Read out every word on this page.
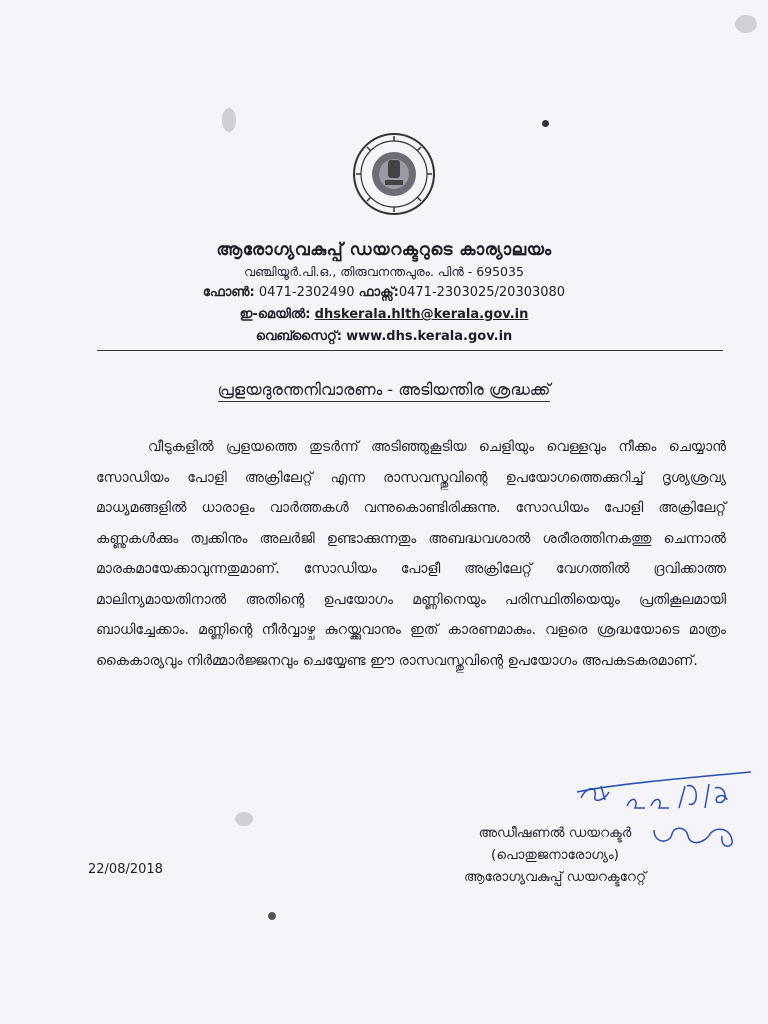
ആരോഗ്യവകുപ്പ് ഡയറക്ടറുടെ കാര്യാലയം

വഞ്ചിയൂർ.പി.ഒ., തിരുവനന്തപുരം. പിൻ - 695035

ഫോൺ: 0471-2302490 ഫാക്സ്:0471-2303025/20303080

ഇ-മെയിൽ: dhskerala.hlth@kerala.gov.in

വെബ്സൈറ്റ്: www.dhs.kerala.gov.in

പ്രളയദുരന്തനിവാരണം - അടിയന്തിര ശ്രദ്ധക്ക്

വീടുകളിൽ പ്രളയത്തെ തുടർന്ന് അടിഞ്ഞുകൂടിയ ചെളിയും വെള്ളവും നീക്കം ചെയ്യാൻ സോഡിയം പോളി അക്രിലേറ്റ് എന്ന രാസവസ്തുവിന്റെ ഉപയോഗത്തെക്കുറിച്ച് ദൃശ്യശ്രവ്യ മാധ്യമങ്ങളിൽ ധാരാളം വാർത്തകൾ വന്നുകൊണ്ടിരിക്കുന്നു. സോഡിയം പോളി അക്രിലേറ്റ് കണ്ണുകൾക്കും ത്വക്കിനും അലർജി ഉണ്ടാക്കുന്നതും അബദ്ധവശാൽ ശരീരത്തിനകത്തു ചെന്നാൽ മാരകമായേക്കാവുന്നതുമാണ്. സോഡിയം പോളീ അക്രിലേറ്റ് വേഗത്തിൽ ദ്രവിക്കാത്ത മാലിന്യമായതിനാൽ അതിന്റെ ഉപയോഗം മണ്ണിനെയും പരിസ്ഥിതിയെയും പ്രതികൂലമായി ബാധിച്ചേക്കാം. മണ്ണിന്റെ നീർവ്വാഴ്ച കുറയ്ക്കുവാനും ഇത് കാരണമാകും. വളരെ ശ്രദ്ധയോടെ മാത്രം കൈകാര്യവും നിർമ്മാർജ്ജനവും ചെയ്യേണ്ട ഈ രാസവസ്തുവിന്റെ ഉപയോഗം അപകടകരമാണ്.

അഡീഷണൽ ഡയറക്ടർ
(പൊതുജനാരോഗ്യം)
ആരോഗ്യവകുപ്പ് ഡയറക്ടറേറ്റ്
22/08/2018
